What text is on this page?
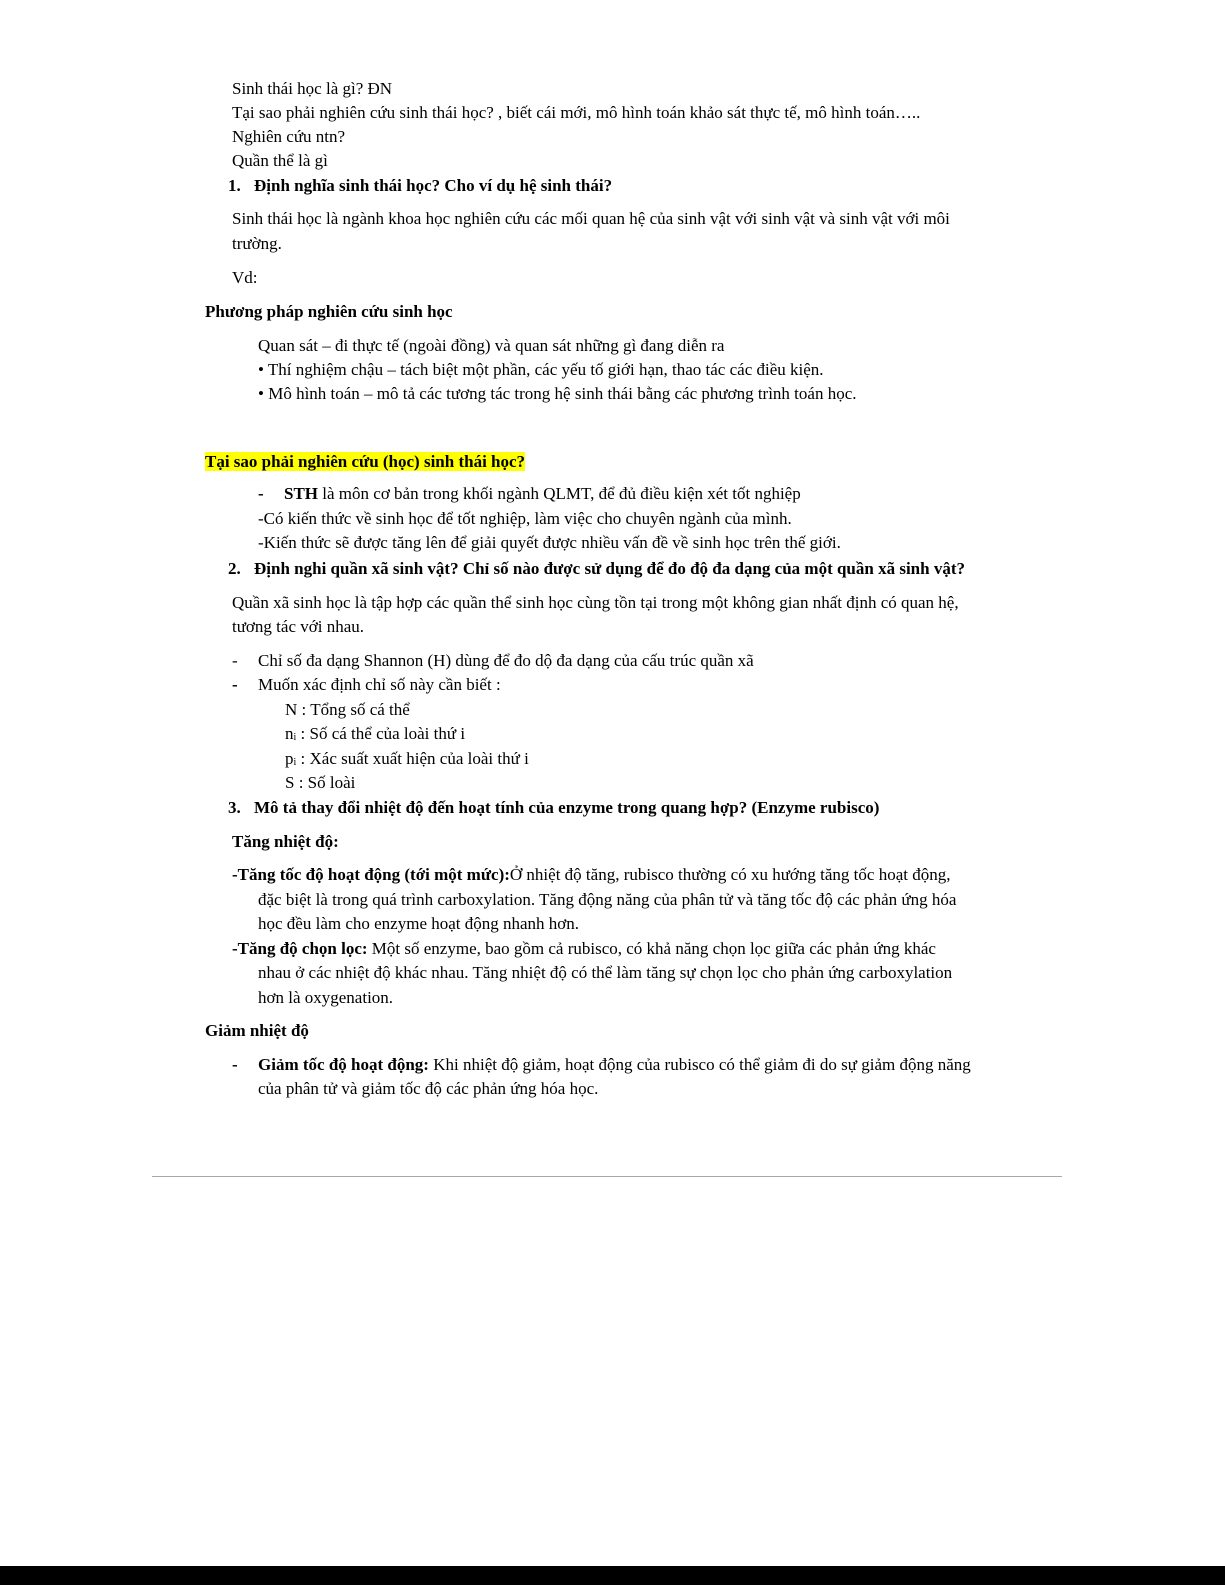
Sinh thái học là gì? ĐN
Tại sao phải nghiên cứu sinh thái học? , biết cái mới, mô hình toán khảo sát thực tế, mô hình toán…..
Nghiên cứu ntn?
Quần thể là gì
1. Định nghĩa sinh thái học? Cho ví dụ hệ sinh thái?
Sinh thái học là ngành khoa học nghiên cứu các mối quan hệ của sinh vật với sinh vật và sinh vật với môi
trường.
Vd:
Phương pháp nghiên cứu sinh học
Quan sát – đi thực tế (ngoài đồng) và quan sát những gì đang diễn ra
• Thí nghiệm chậu – tách biệt một phần, các yếu tố giới hạn, thao tác các điều kiện.
• Mô hình toán – mô tả các tương tác trong hệ sinh thái bằng các phương trình toán học.
Tại sao phải nghiên cứu (học) sinh thái học?
- STH là môn cơ bản trong khối ngành QLMT, để đủ điều kiện xét tốt nghiệp
-Có kiến thức về sinh học để tốt nghiệp, làm việc cho chuyên ngành của mình.
-Kiến thức sẽ được tăng lên để giải quyết được nhiều vấn đề về sinh học trên thế giới.
2. Định nghi quần xã sinh vật? Chỉ số nào được sử dụng để đo độ đa dạng của một quần xã sinh vật?
Quần xã sinh học là tập hợp các quần thể sinh học cùng tồn tại trong một không gian nhất định có quan hệ,
tương tác với nhau.
- Chỉ số đa dạng Shannon (H) dùng để đo dộ đa dạng của cấu trúc quần xã
- Muốn xác định chỉ số này cần biết :
N : Tổng số cá thể
ni : Số cá thể của loài thứ i
pi : Xác suất xuất hiện của loài thứ i
S : Số loài
3. Mô tả thay đổi nhiệt độ đến hoạt tính của enzyme trong quang hợp? (Enzyme rubisco)
Tăng nhiệt độ:
-Tăng tốc độ hoạt động (tới một mức):Ở nhiệt độ tăng, rubisco thường có xu hướng tăng tốc hoạt động,
đặc biệt là trong quá trình carboxylation. Tăng động năng của phân tử và tăng tốc độ các phản ứng hóa
học đều làm cho enzyme hoạt động nhanh hơn.
-Tăng độ chọn lọc: Một số enzyme, bao gồm cả rubisco, có khả năng chọn lọc giữa các phản ứng khác
nhau ở các nhiệt độ khác nhau. Tăng nhiệt độ có thể làm tăng sự chọn lọc cho phản ứng carboxylation
hơn là oxygenation.
Giảm nhiệt độ
- Giảm tốc độ hoạt động: Khi nhiệt độ giảm, hoạt động của rubisco có thể giảm đi do sự giảm động năng
của phân tử và giảm tốc độ các phản ứng hóa học.
